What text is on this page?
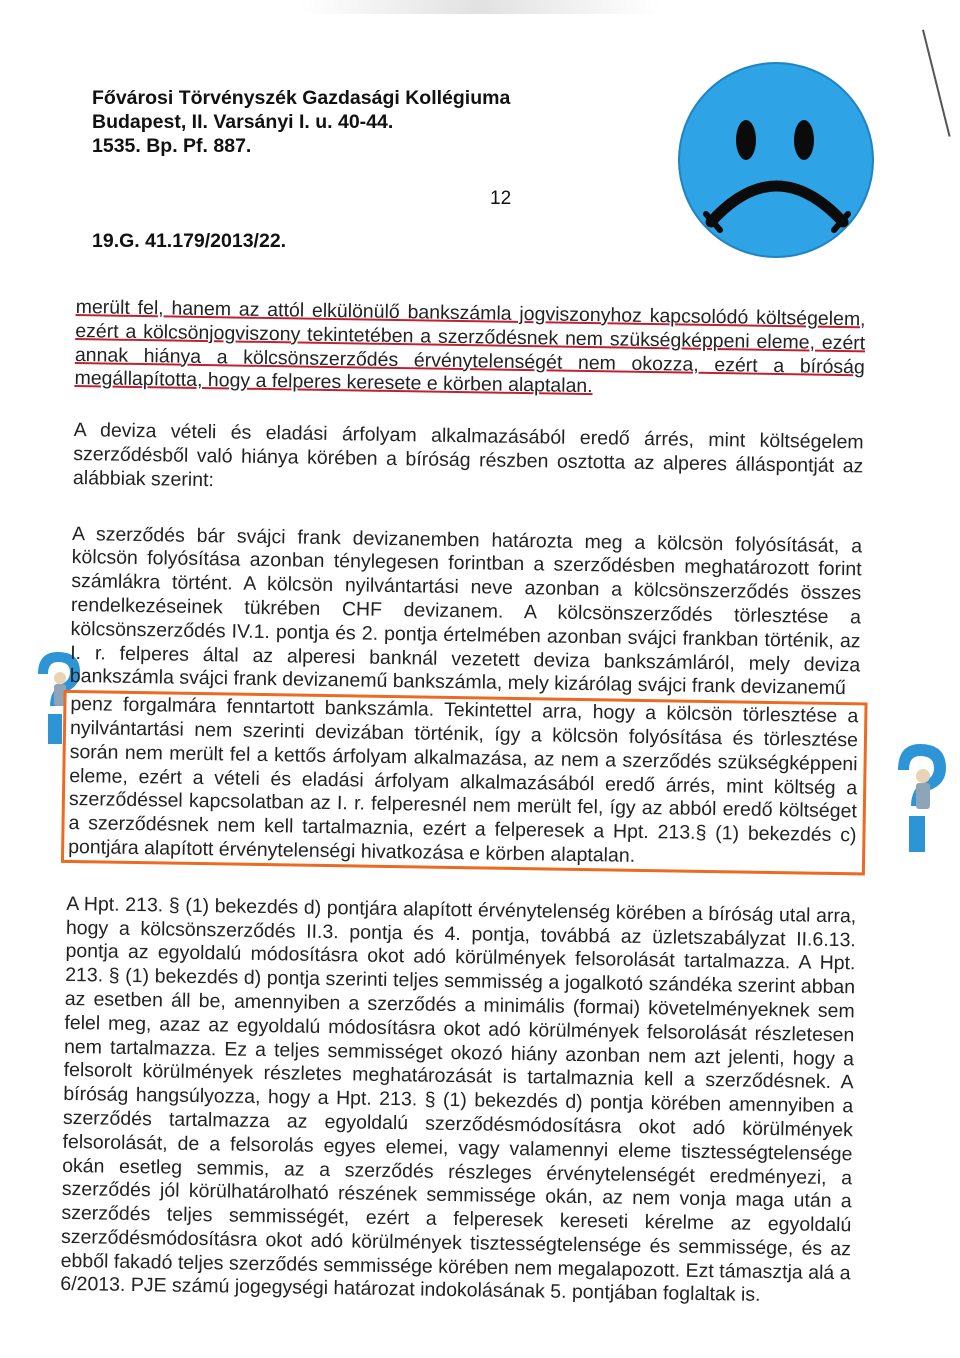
Fővárosi Törvényszék Gazdasági Kollégiuma
Budapest, II. Varsányi I. u. 40-44.
1535. Bp. Pf. 887.
12
19.G. 41.179/2013/22.

merült fel, hanem az attól elkülönülő bankszámla jogviszonyhoz kapcsolódó költségelem, ezért a kölcsönjogviszony tekintetében a szerződésnek nem szükségképpeni eleme, ezért annak hiánya a kölcsönszerződés érvénytelenségét nem okozza, ezért a bíróság megállapította, hogy a felperes keresete e körben alaptalan.

A deviza vételi és eladási árfolyam alkalmazásából eredő árrés, mint költségelem szerződésből való hiánya körében a bíróság részben osztotta az alperes álláspontját az alábbiak szerint:

A szerződés bár svájci frank devizanemben határozta meg a kölcsön folyósítását, a kölcsön folyósítása azonban ténylegesen forintban a szerződésben meghatározott forint számlákra történt. A kölcsön nyilvántartási neve azonban a kölcsönszerződés összes rendelkezéseinek tükrében CHF devizanem. A kölcsönszerződés törlesztése a kölcsönszerződés IV.1. pontja és 2. pontja értelmében azonban svájci frankban történik, az I. r. felperes által az alperesi banknál vezetett deviza bankszámláról, mely deviza bankszámla svájci frank devizanemű bankszámla, mely kizárólag svájci frank devizanemű

penz forgalmára fenntartott bankszámla. Tekintettel arra, hogy a kölcsön törlesztése a nyilvántartási nem szerinti devizában történik, így a kölcsön folyósítása és törlesztése során nem merült fel a kettős árfolyam alkalmazása, az nem a szerződés szükségképpeni eleme, ezért a vételi és eladási árfolyam alkalmazásából eredő árrés, mint költség a szerződéssel kapcsolatban az I. r. felperesnél nem merült fel, így az abból eredő költséget a szerződésnek nem kell tartalmaznia, ezért a felperesek a Hpt. 213.§ (1) bekezdés c) pontjára alapított érvénytelenségi hivatkozása e körben alaptalan.

A Hpt. 213. § (1) bekezdés d) pontjára alapított érvénytelenség körében a bíróság utal arra, hogy a kölcsönszerződés II.3. pontja és 4. pontja, továbbá az üzletszabályzat II.6.13. pontja az egyoldalú módosításra okot adó körülmények felsorolását tartalmazza. A Hpt. 213. § (1) bekezdés d) pontja szerinti teljes semmisség a jogalkotó szándéka szerint abban az esetben áll be, amennyiben a szerződés a minimális (formai) követelményeknek sem felel meg, azaz az egyoldalú módosításra okot adó körülmények felsorolását részletesen nem tartalmazza. Ez a teljes semmisséget okozó hiány azonban nem azt jelenti, hogy a felsorolt körülmények részletes meghatározását is tartalmaznia kell a szerződésnek. A bíróság hangsúlyozza, hogy a Hpt. 213. § (1) bekezdés d) pontja körében amennyiben a szerződés tartalmazza az egyoldalú szerződésmódosításra okot adó körülmények felsorolását, de a felsorolás egyes elemei, vagy valamennyi eleme tisztességtelensége okán esetleg semmis, az a szerződés részleges érvénytelenségét eredményezi, a szerződés jól körülhatárolható részének semmissége okán, az nem vonja maga után a szerződés teljes semmisségét, ezért a felperesek kereseti kérelme az egyoldalú szerződésmódosításra okot adó körülmények tisztességtelensége és semmissége, és az ebből fakadó teljes szerződés semmissége körében nem megalapozott. Ezt támasztja alá a 6/2013. PJE számú jogegységi határozat indokolásának 5. pontjában foglaltak is.
